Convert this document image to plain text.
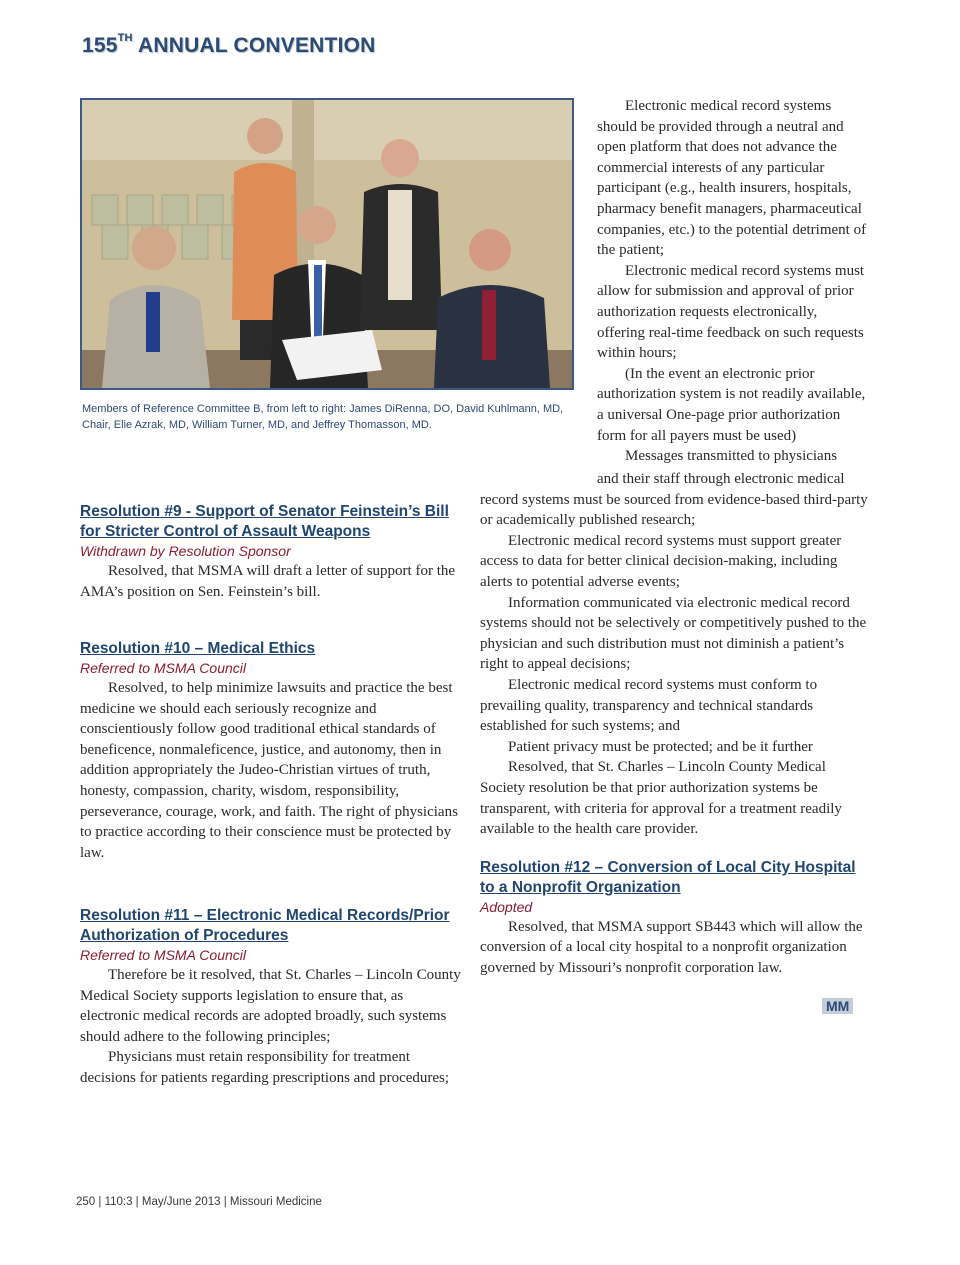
155TH ANNUAL CONVENTION
Members of Reference Committee B, from left to right: James DiRenna, DO, David Kuhlmann, MD, Chair, Elie Azrak, MD, William Turner, MD, and Jeffrey Thomasson, MD.
Resolution #9 - Support of Senator Feinstein’s Bill for Stricter Control of Assault Weapons
Withdrawn by Resolution Sponsor

Resolved, that MSMA will draft a letter of support for the AMA’s position on Sen. Feinstein’s bill.

Resolution #10 – Medical Ethics
Referred to MSMA Council

Resolved, to help minimize lawsuits and practice the best medicine we should each seriously recognize and conscientiously follow good traditional ethical standards of beneficence, nonmaleficence, justice, and autonomy, then in addition appropriately the Judeo-Christian virtues of truth, honesty, compassion, charity, wisdom, responsibility, perseverance, courage, work, and faith. The right of physicians to practice according to their conscience must be protected by law.

Resolution #11 – Electronic Medical Records/Prior Authorization of Procedures
Referred to MSMA Council

Therefore be it resolved, that St. Charles – Lincoln County Medical Society supports legislation to ensure that, as electronic medical records are adopted broadly, such systems should adhere to the following principles;

Physicians must retain responsibility for treatment decisions for patients regarding prescriptions and procedures;

Electronic medical record systems should be provided through a neutral and open platform that does not advance the commercial interests of any particular participant (e.g., health insurers, hospitals, pharmacy benefit managers, pharmaceutical companies, etc.) to the potential detriment of the patient;

Electronic medical record systems must allow for submission and approval of prior authorization requests electronically, offering real-time feedback on such requests within hours;

(In the event an electronic prior authorization system is not readily available, a universal One-page prior authorization form for all payers must be used)

Messages transmitted to physicians

and their staff through electronic medical record systems must be sourced from evidence-based third-party or academically published research;

Electronic medical record systems must support greater access to data for better clinical decision-making, including alerts to potential adverse events;

Information communicated via electronic medical record systems should not be selectively or competitively pushed to the physician and such distribution must not diminish a patient’s right to appeal decisions;

Electronic medical record systems must conform to prevailing quality, transparency and technical standards established for such systems; and

Patient privacy must be protected; and be it further

Resolved, that St. Charles – Lincoln County Medical Society resolution be that prior authorization systems be transparent, with criteria for approval for a treatment readily available to the health care provider.

Resolution #12 – Conversion of Local City Hospital to a Nonprofit Organization
Adopted

Resolved, that MSMA support SB443 which will allow the conversion of a local city hospital to a nonprofit organization governed by Missouri’s nonprofit corporation law.

MM
250 | 110:3 | May/June 2013 | Missouri Medicine
